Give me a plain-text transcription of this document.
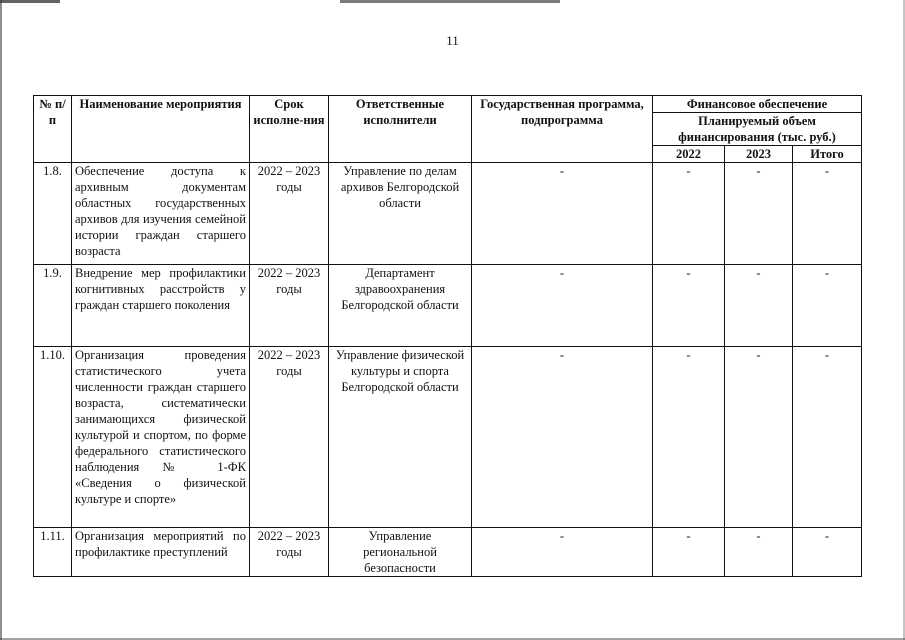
11
№ п/п	Наименование мероприятия	Срок исполне-ния	Ответственные исполнители	Государственная программа, подпрограмма	Финансовое обеспечение		
					Планируемый объем финансирования (тыс. руб.)		
					2022	2023	Итого
1.8.	Обеспечение доступа к архивным документам областных государственных архивов для изучения семейной истории граждан старшего возраста	2022 – 2023 годы	Управление по делам архивов Белгородской области	-	-	-	-
1.9.	Внедрение мер профилактики когнитивных расстройств у граждан старшего поколения	2022 – 2023 годы	Департамент здравоохранения Белгородской области	-	-	-	-
1.10.	Организация проведения статистического учета численности граждан старшего возраста, систематически занимающихся физической культурой и спортом, по форме федерального статистического наблюдения № 1-ФК «Сведения о физической культуре и спорте»	2022 – 2023 годы	Управление физической культуры и спорта Белгородской области	-	-	-	-
1.11.	Организация мероприятий по профилактике преступлений	2022 – 2023 годы	Управление региональной безопасности	-	-	-	-
